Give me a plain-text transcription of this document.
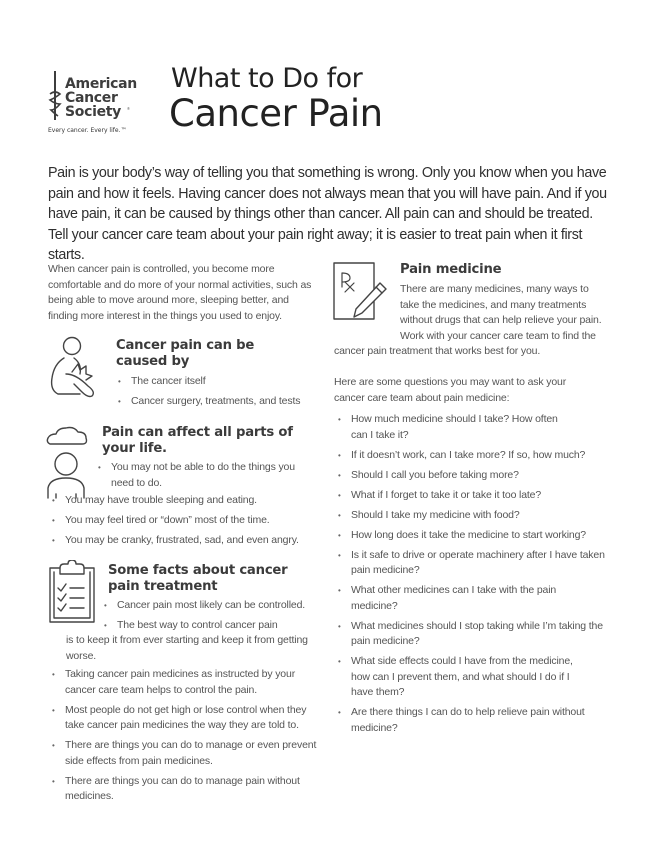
American
Cancer
Society ®
Every cancer. Every life.™
What to Do for
Cancer Pain
Pain is your body’s way of telling you that something is wrong. Only you know when you have pain and how it feels. Having cancer does not always mean that you will have pain. And if you have pain, it can be caused by things other than cancer. All pain can and should be treated. Tell your cancer care team about your pain right away; it is easier to treat pain when it first starts.
When cancer pain is controlled, you become more comfortable and do more of your normal activities, such as being able to move around more, sleeping better, and finding more interest in the things you used to enjoy.
Cancer pain can be caused by
• The cancer itself
• Cancer surgery, treatments, and tests
Pain can affect all parts of your life.
• You may not be able to do the things you need to do.
• You may have trouble sleeping and eating.
• You may feel tired or “down” most of the time.
• You may be cranky, frustrated, sad, and even angry.
Some facts about cancer pain treatment
• Cancer pain most likely can be controlled.
• The best way to control cancer pain
is to keep it from ever starting and keep it from getting worse.
• Taking cancer pain medicines as instructed by your cancer care team helps to control the pain.
• Most people do not get high or lose control when they take cancer pain medicines the way they are told to.
• There are things you can do to manage or even prevent side effects from pain medicines.
• There are things you can do to manage pain without medicines.
Pain medicine
There are many medicines, many ways to take the medicines, and many treatments without drugs that can help relieve your pain. Work with your cancer care team to find the cancer pain treatment that works best for you.
Here are some questions you may want to ask your cancer care team about pain medicine:
• How much medicine should I take? How often can I take it?
• If it doesn’t work, can I take more? If so, how much?
• Should I call you before taking more?
• What if I forget to take it or take it too late?
• Should I take my medicine with food?
• How long does it take the medicine to start working?
• Is it safe to drive or operate machinery after I have taken pain medicine?
• What other medicines can I take with the pain medicine?
• What medicines should I stop taking while I’m taking the pain medicine?
• What side effects could I have from the medicine, how can I prevent them, and what should I do if I have them?
• Are there things I can do to help relieve pain without medicine?
